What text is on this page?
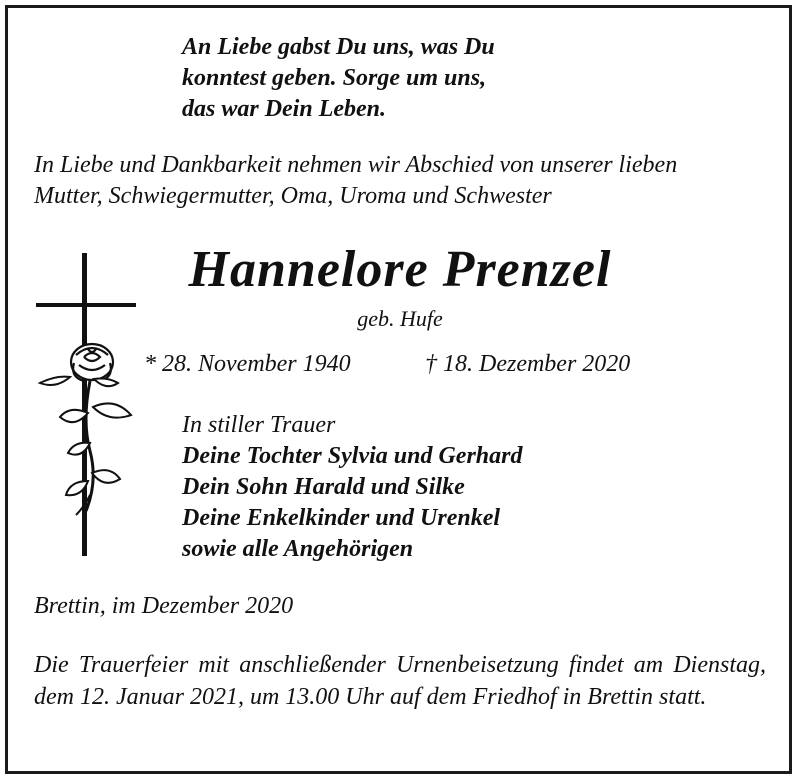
An Liebe gabst Du uns, was Du
konntest geben. Sorge um uns,
das war Dein Leben.
In Liebe und Dankbarkeit nehmen wir Abschied von unserer lieben
Mutter, Schwiegermutter, Oma, Uroma und Schwester
Hannelore Prenzel
geb. Hufe
* 28. November 1940	† 18. Dezember 2020
In stiller Trauer
Deine Tochter Sylvia und Gerhard
Dein Sohn Harald und Silke
Deine Enkelkinder und Urenkel
sowie alle Angehörigen
Brettin, im Dezember 2020
Die Trauerfeier mit anschließender Urnenbeisetzung findet am Dienstag, dem 12. Januar 2021, um 13.00 Uhr auf dem Friedhof in Brettin statt.
